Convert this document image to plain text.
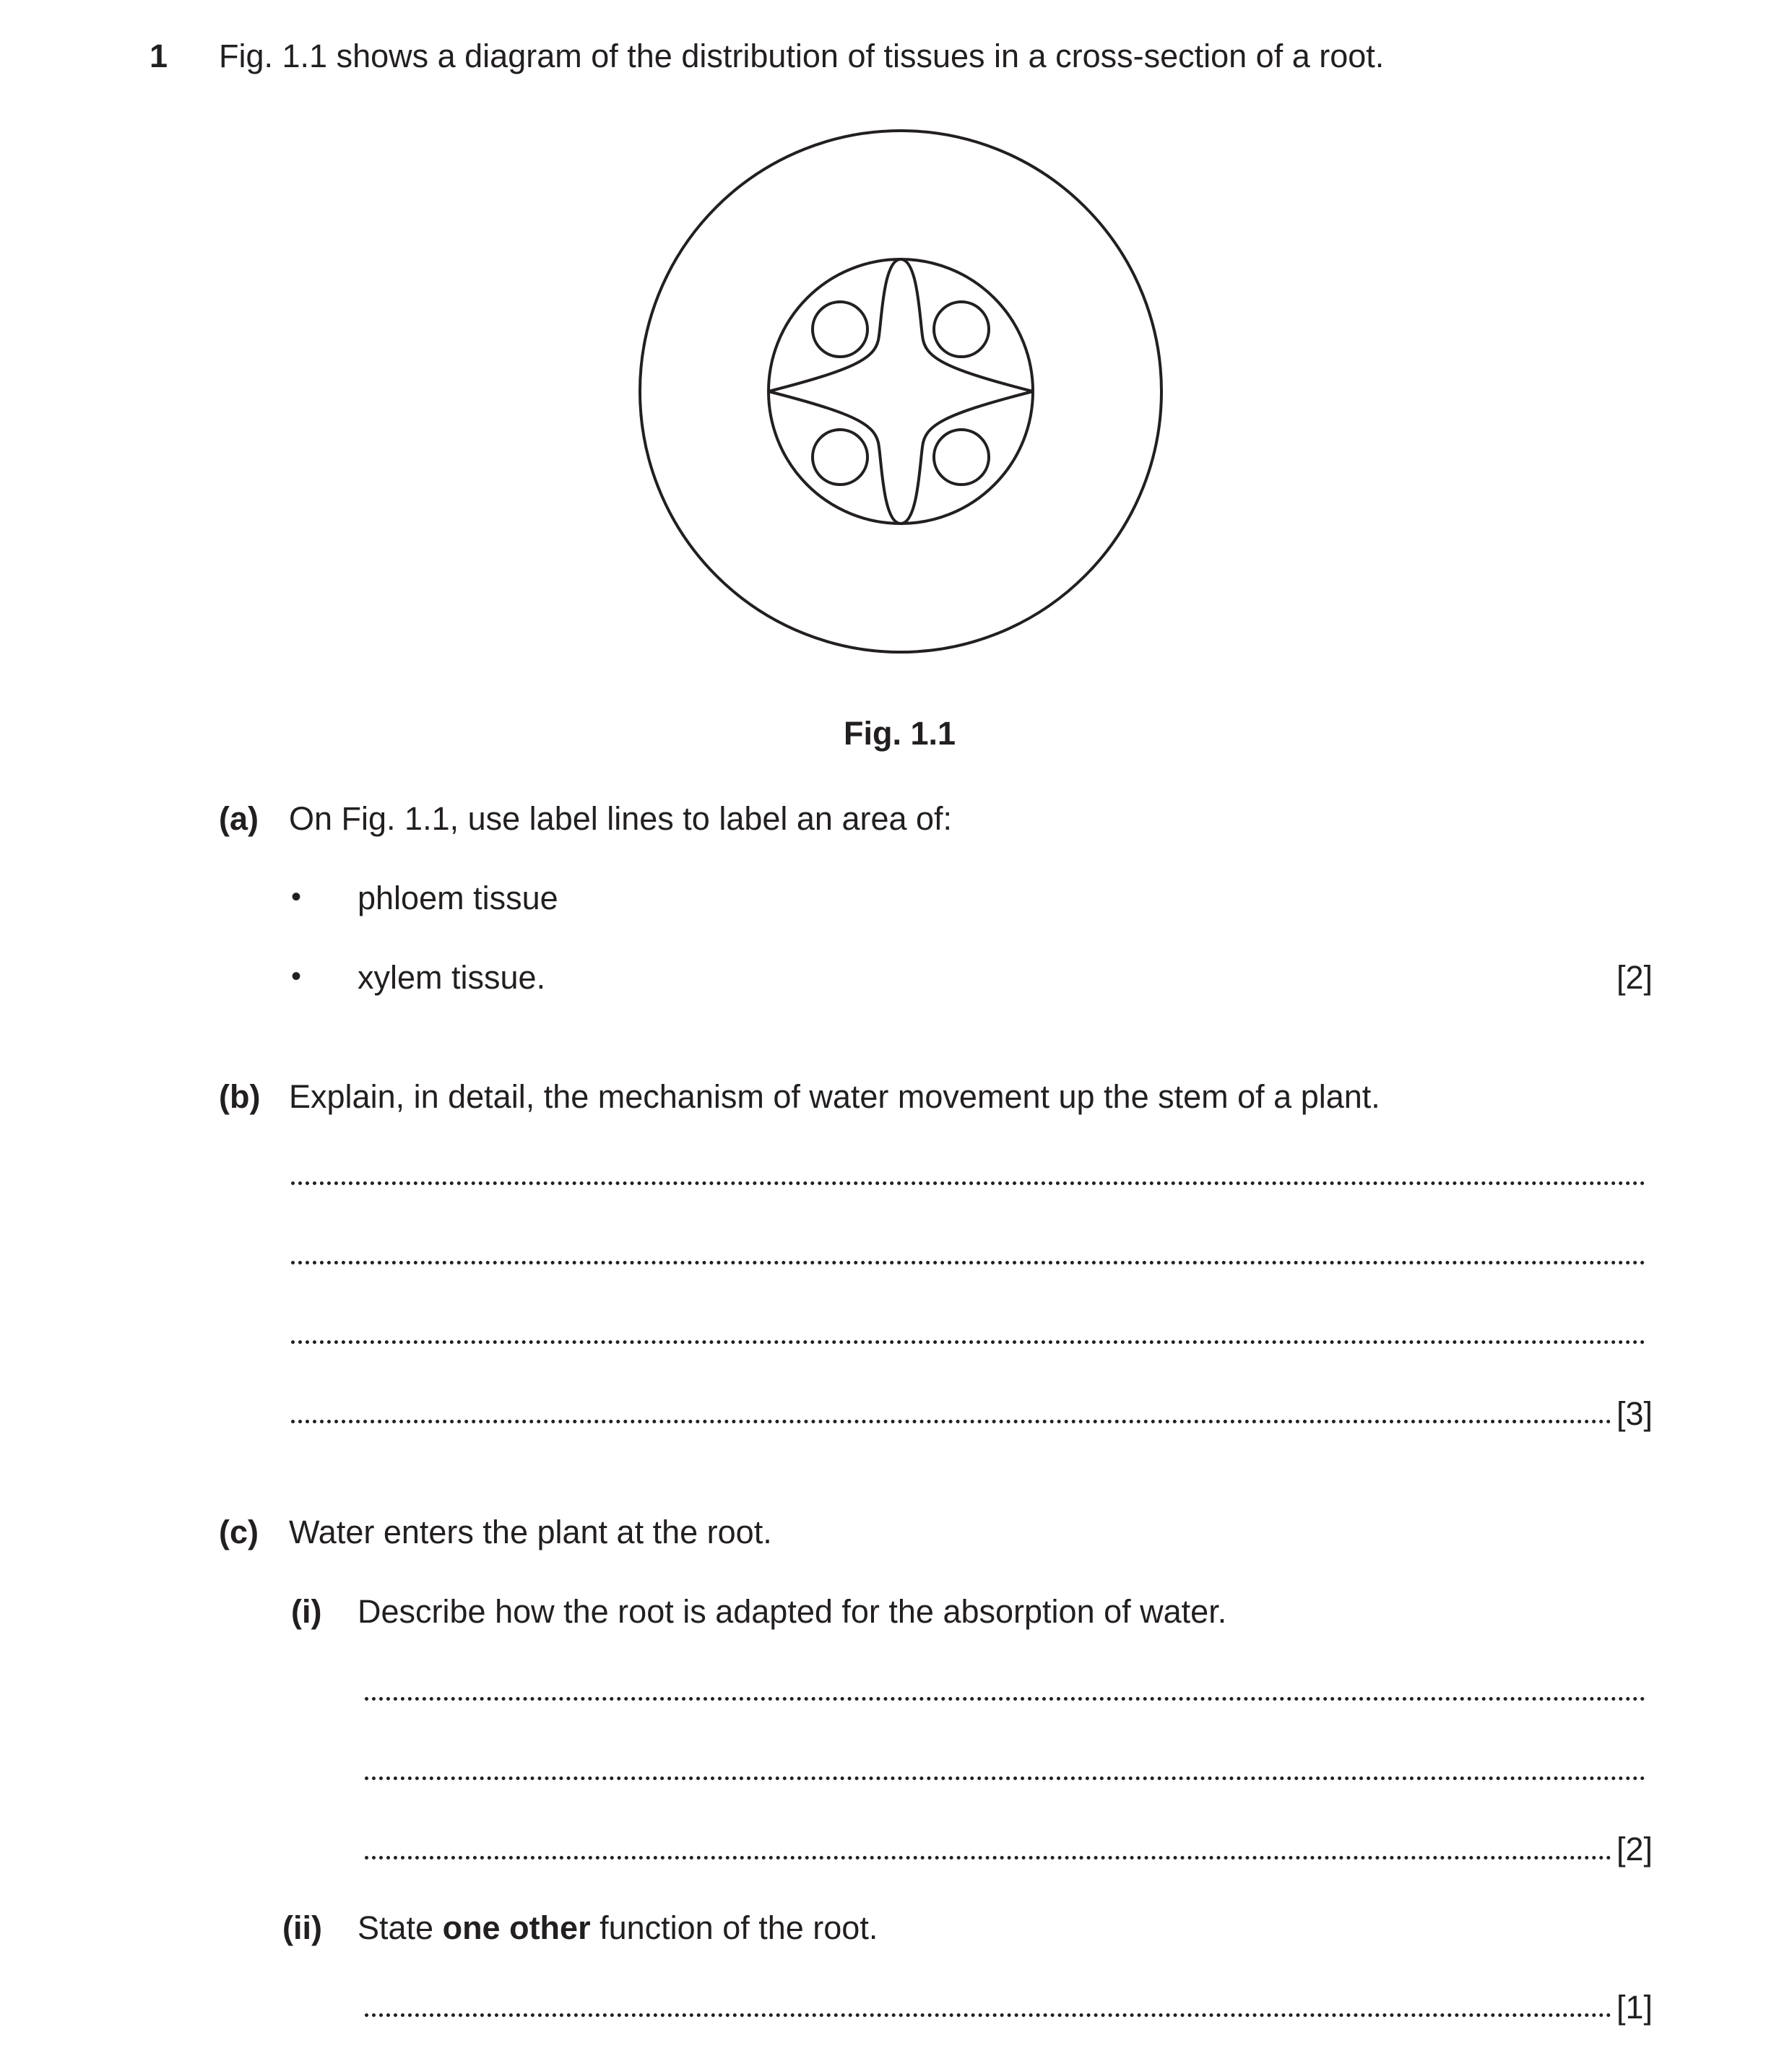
1 Fig. 1.1 shows a diagram of the distribution of tissues in a cross-section of a root.
Fig. 1.1
(a) On Fig. 1.1, use label lines to label an area of:
• phloem tissue
• xylem tissue.	[2]
(b) Explain, in detail, the mechanism of water movement up the stem of a plant.
[3]
(c) Water enters the plant at the root.
(i) Describe how the root is adapted for the absorption of water.
[2]
(ii) State one other function of the root.
[1]
